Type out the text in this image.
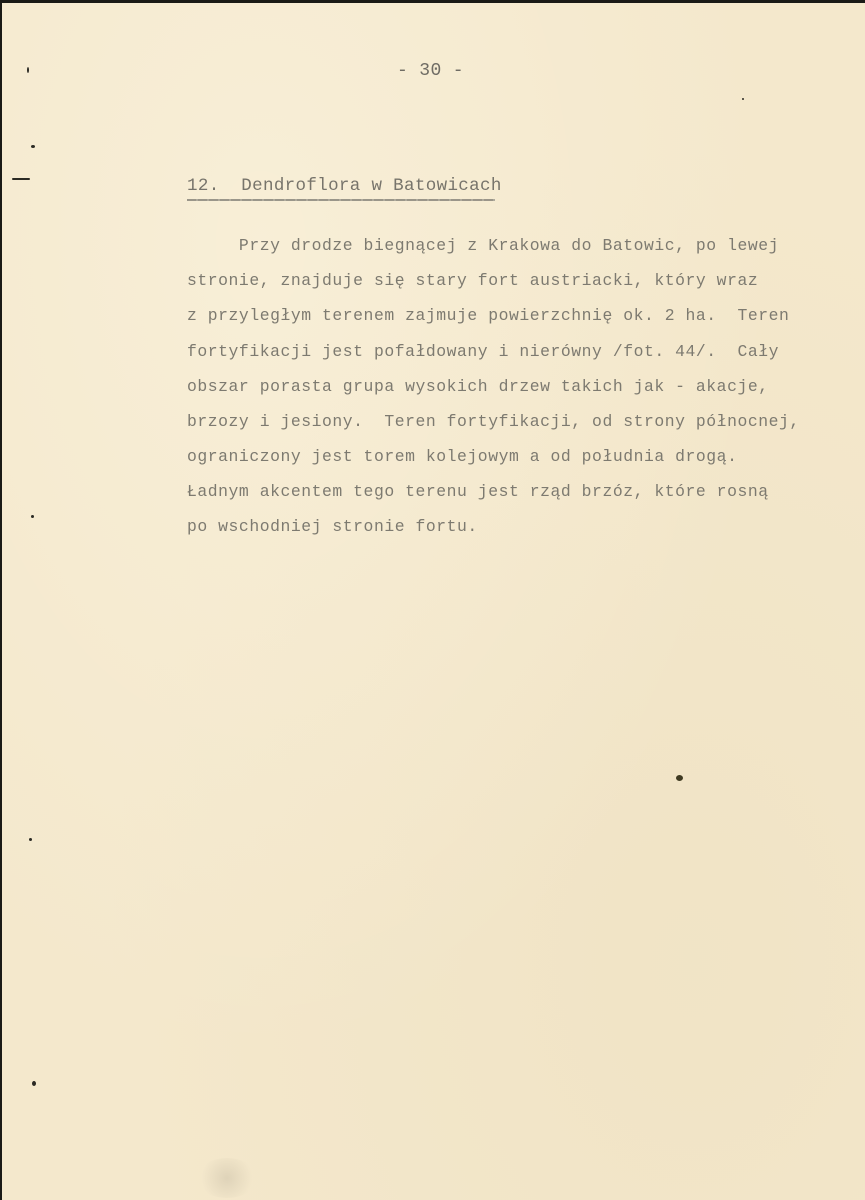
- 30 -
12.  Dendroflora w Batowicach
Przy drodze biegnącej z Krakowa do Batowic, po lewej
stronie, znajduje się stary fort austriacki, który wraz
z przyległym terenem zajmuje powierzchnię ok. 2 ha.  Teren
fortyfikacji jest pofałdowany i nierówny /fot. 44/.  Cały
obszar porasta grupa wysokich drzew takich jak - akacje,
brzozy i jesiony.  Teren fortyfikacji, od strony północnej,
ograniczony jest torem kolejowym a od południa drogą.
Ładnym akcentem tego terenu jest rząd brzóz, które rosną
po wschodniej stronie fortu.
